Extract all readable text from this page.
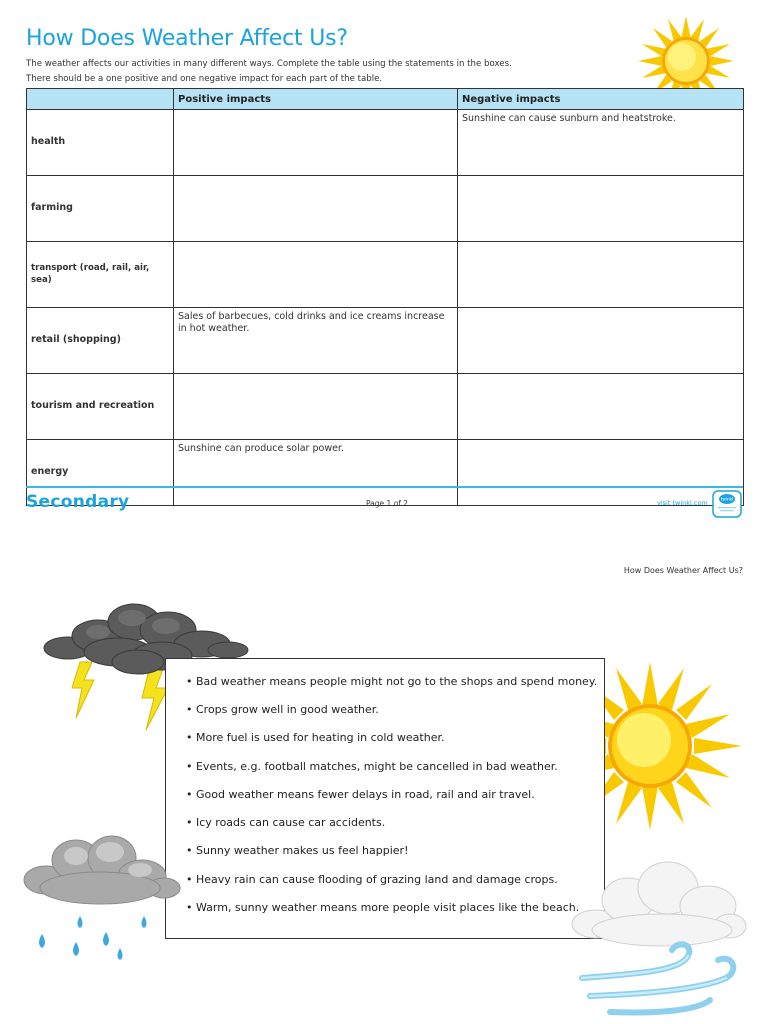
How Does Weather Affect Us?
The weather affects our activities in many different ways. Complete the table using the statements in the boxes.
There should be a one positive and one negative impact for each part of the table.
	Positive impacts	Negative impacts
health		Sunshine can cause sunburn and heatstroke.
farming		
transport (road, rail, air, sea)		
retail (shopping)	Sales of barbecues, cold drinks and ice creams increase in hot weather.	
tourism and recreation		
energy	Sunshine can produce solar power.	
Secondary	Page 1 of 2	visit twinkl.com	twinkl
How Does Weather Affect Us?
• Bad weather means people might not go to the shops and spend money.
• Crops grow well in good weather.
• More fuel is used for heating in cold weather.
• Events, e.g. football matches, might be cancelled in bad weather.
• Good weather means fewer delays in road, rail and air travel.
• Icy roads can cause car accidents.
• Sunny weather makes us feel happier!
• Heavy rain can cause flooding of grazing land and damage crops.
• Warm, sunny weather means more people visit places like the beach.
